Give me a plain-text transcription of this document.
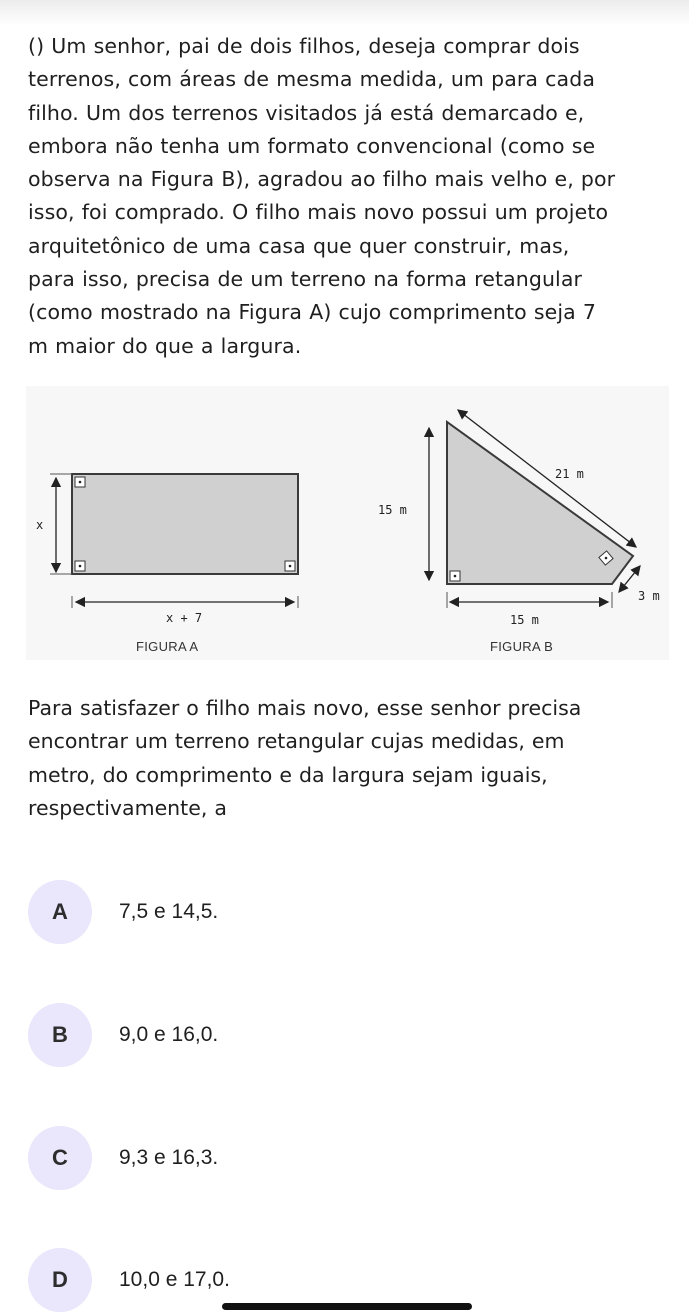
() Um senhor, pai de dois filhos, deseja comprar dois
terrenos, com áreas de mesma medida, um para cada
filho. Um dos terrenos visitados já está demarcado e,
embora não tenha um formato convencional (como se
observa na Figura B), agradou ao filho mais velho e, por
isso, foi comprado. O filho mais novo possui um projeto
arquitetônico de uma casa que quer construir, mas,
para isso, precisa de um terreno na forma retangular
(como mostrado na Figura A) cujo comprimento seja 7
m maior do que a largura.

x
x + 7
21 m
15 m
15 m
3 m
FIGURA A	FIGURA B

Para satisfazer o filho mais novo, esse senhor precisa
encontrar um terreno retangular cujas medidas, em
metro, do comprimento e da largura sejam iguais,
respectivamente, a

A	7,5 e 14,5.
B	9,0 e 16,0.
C	9,3 e 16,3.
D	10,0 e 17,0.
